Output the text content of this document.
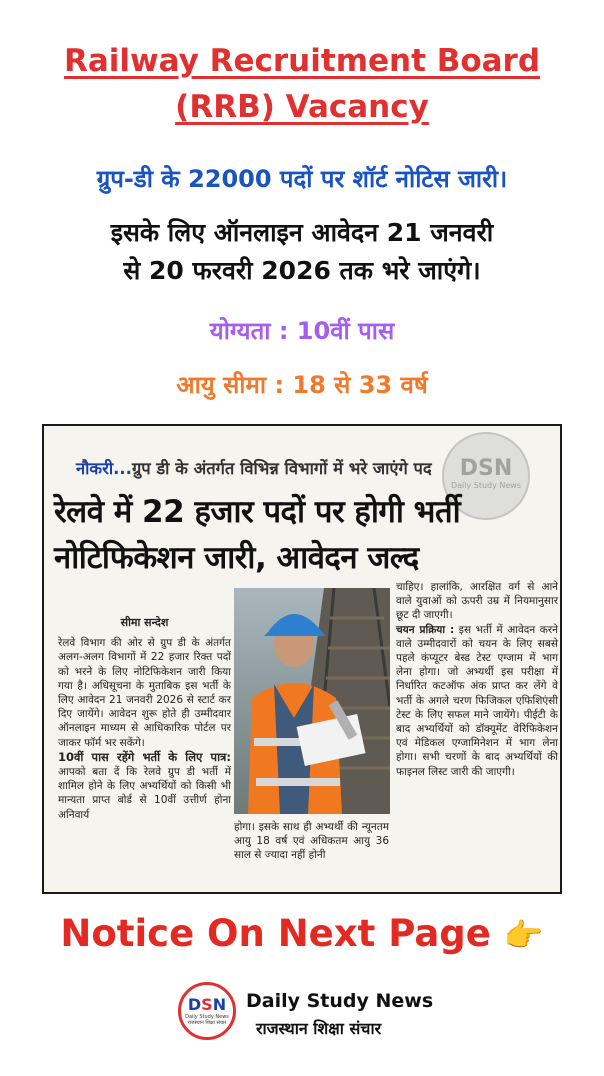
Railway Recruitment Board
(RRB) Vacancy
ग्रुप-डी के 22000 पदों पर शॉर्ट नोटिस जारी।
इसके लिए ऑनलाइन आवेदन 21 जनवरी
से 20 फरवरी 2026 तक भरे जाएंगे।
योग्यता : 10वीं पास
आयु सीमा : 18 से 33 वर्ष
DSN
Daily Study News
नौकरी...ग्रुप डी के अंतर्गत विभिन्न विभागों में भरे जाएंगे पद
रेलवे में 22 हजार पदों पर होगी भर्ती
नोटिफिकेशन जारी, आवेदन जल्द
सीमा सन्देश
रेलवे विभाग की ओर से ग्रुप डी के अंतर्गत अलग-अलग विभागों में 22 हजार रिक्त पदों को भरने के लिए नोटिफिकेशन जारी किया गया है। अधिसूचना के मुताबिक इस भर्ती के लिए आवेदन 21 जनवरी 2026 से स्टार्ट कर दिए जायेंगे। आवेदन शुरू होते ही उम्मीदवार ऑनलाइन माध्यम से आधिकारिक पोर्टल पर जाकर फॉर्म भर सकेंगे।
10वीं पास रहेंगे भर्ती के लिए पात्र: आपको बता दें कि रेलवे ग्रुप डी भर्ती में शामिल होने के लिए अभ्यर्थियों को किसी भी मान्यता प्राप्त बोर्ड से 10वीं उत्तीर्ण होना अनिवार्य
होगा। इसके साथ ही अभ्यर्थी की न्यूनतम आयु 18 वर्ष एवं अधिकतम आयु 36 साल से ज्यादा नहीं होनी
चाहिए। हालांकि, आरक्षित वर्ग से आने वाले युवाओं को ऊपरी उम्र में नियमानुसार छूट दी जाएगी।
चयन प्रक्रिया : इस भर्ती में आवेदन करने वाले उम्मीदवारों को चयन के लिए सबसे पहले कंप्यूटर बेस्ड टेस्ट एग्जाम में भाग लेना होगा। जो अभ्यर्थी इस परीक्षा में निर्धारित कटऑफ अंक प्राप्त कर लेंगे वे भर्ती के अगले चरण फिजिकल एफिशिएंसी टेस्ट के लिए सफल माने जायेंगे। पीईटी के बाद अभ्यर्थियों को डॉक्यूमेंट वेरिफिकेशन एवं मेडिकल एग्जामिनेशन में भाग लेना होगा। सभी चरणों के बाद अभ्यर्थियों की फाइनल लिस्ट जारी की जाएगी।
Notice On Next Page 👉
DSN
Daily Study News
राजस्थान शिक्षा संचार
Daily Study News
राजस्थान शिक्षा संचार
